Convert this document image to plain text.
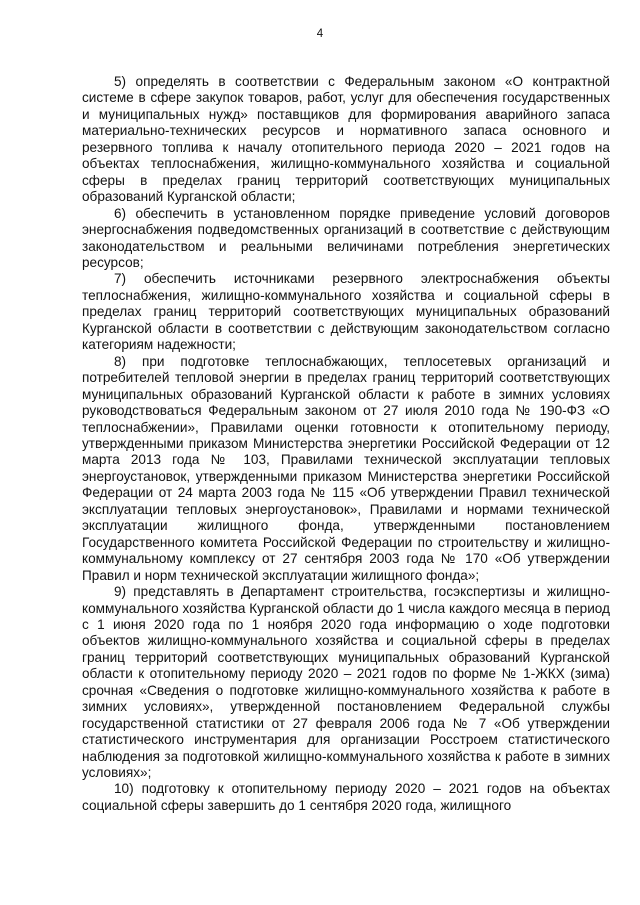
4

5) определять в соответствии с Федеральным законом «О контрактной системе в сфере закупок товаров, работ, услуг для обеспечения государственных и муниципальных нужд» поставщиков для формирования аварийного запаса материально-технических ресурсов и нормативного запаса основного и резервного топлива к началу отопительного периода 2020 – 2021 годов на объектах теплоснабжения, жилищно-коммунального хозяйства и социальной сферы в пределах границ территорий соответствующих муниципальных образований Курганской области;

6) обеспечить в установленном порядке приведение условий договоров энергоснабжения подведомственных организаций в соответствие с действующим законодательством и реальными величинами потребления энергетических ресурсов;

7) обеспечить источниками резервного электроснабжения объекты теплоснабжения, жилищно-коммунального хозяйства и социальной сферы в пределах границ территорий соответствующих муниципальных образований Курганской области в соответствии с действующим законодательством согласно категориям надежности;

8) при подготовке теплоснабжающих, теплосетевых организаций и потребителей тепловой энергии в пределах границ территорий соответствующих муниципальных образований Курганской области к работе в зимних условиях руководствоваться Федеральным законом от 27 июля 2010 года № 190-ФЗ «О теплоснабжении», Правилами оценки готовности к отопительному периоду, утвержденными приказом Министерства энергетики Российской Федерации от 12 марта 2013 года № 103, Правилами технической эксплуатации тепловых энергоустановок, утвержденными приказом Министерства энергетики Российской Федерации от 24 марта 2003 года № 115 «Об утверждении Правил технической эксплуатации тепловых энергоустановок», Правилами и нормами технической эксплуатации жилищного фонда, утвержденными постановлением Государственного комитета Российской Федерации по строительству и жилищно-коммунальному комплексу от 27 сентября 2003 года № 170 «Об утверждении Правил и норм технической эксплуатации жилищного фонда»;

9) представлять в Департамент строительства, госэкспертизы и жилищно-коммунального хозяйства Курганской области до 1 числа каждого месяца в период с 1 июня 2020 года по 1 ноября 2020 года информацию о ходе подготовки объектов жилищно-коммунального хозяйства и социальной сферы в пределах границ территорий соответствующих муниципальных образований Курганской области к отопительному периоду 2020 – 2021 годов по форме № 1-ЖКХ (зима) срочная «Сведения о подготовке жилищно-коммунального хозяйства к работе в зимних условиях», утвержденной постановлением Федеральной службы государственной статистики от 27 февраля 2006 года № 7 «Об утверждении статистического инструментария для организации Росстроем статистического наблюдения за подготовкой жилищно-коммунального хозяйства к работе в зимних условиях»;

10) подготовку к отопительному периоду 2020 – 2021 годов на объектах социальной сферы завершить до 1 сентября 2020 года, жилищного
